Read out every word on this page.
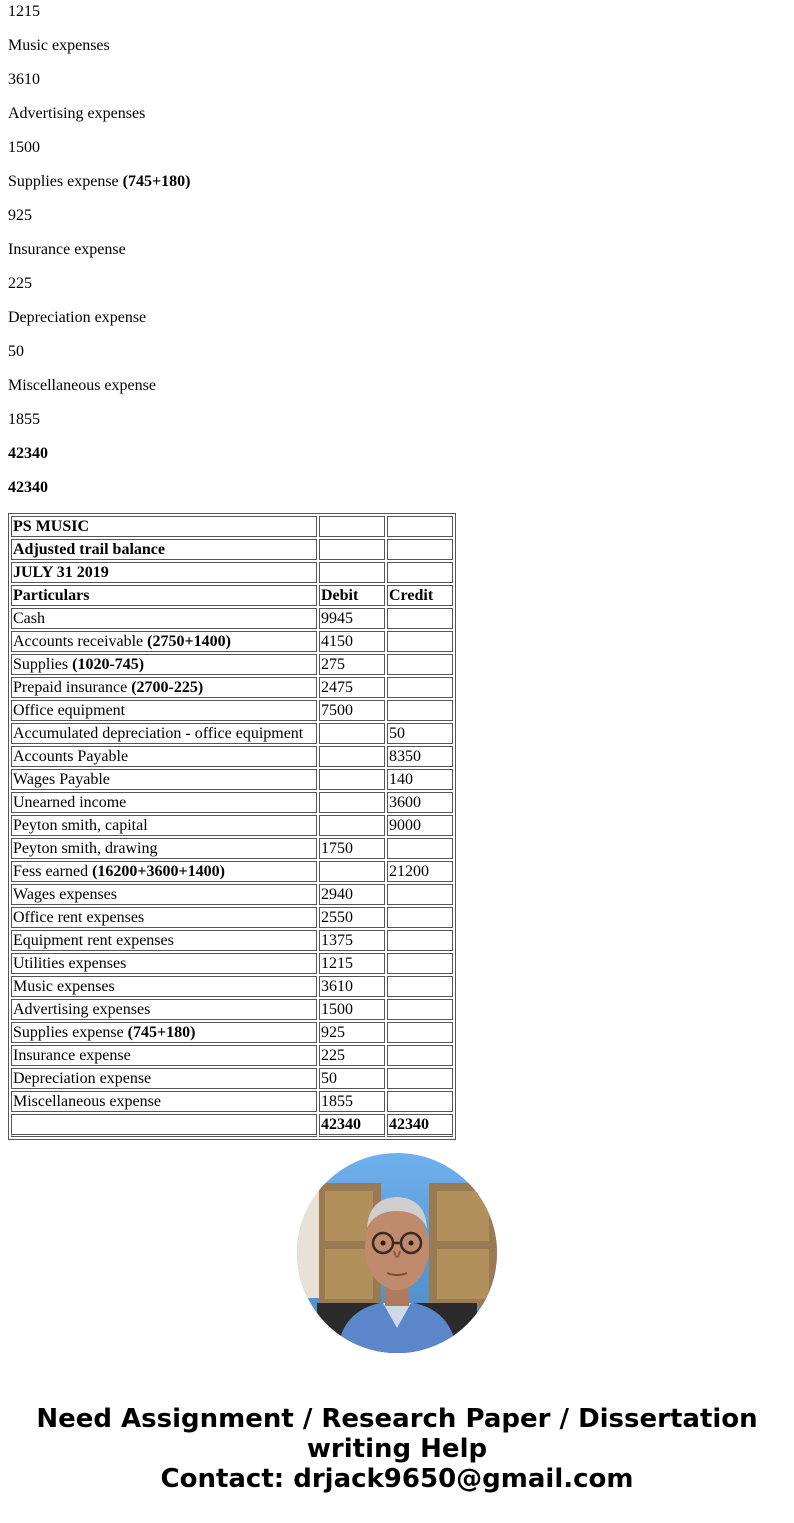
1215
Music expenses
3610
Advertising expenses
1500
Supplies expense (745+180)
925
Insurance expense
225
Depreciation expense
50
Miscellaneous expense
1855
42340
42340
PS MUSIC		
Adjusted trail balance		
JULY 31 2019		
Particulars	Debit	Credit
Cash	9945	
Accounts receivable (2750+1400)	4150	
Supplies (1020-745)	275	
Prepaid insurance (2700-225)	2475	
Office equipment	7500	
Accumulated depreciation - office equipment		50
Accounts Payable		8350
Wages Payable		140
Unearned income		3600
Peyton smith, capital		9000
Peyton smith, drawing	1750	
Fess earned (16200+3600+1400)		21200
Wages expenses	2940	
Office rent expenses	2550	
Equipment rent expenses	1375	
Utilities expenses	1215	
Music expenses	3610	
Advertising expenses	1500	
Supplies expense (745+180)	925	
Insurance expense	225	
Depreciation expense	50	
Miscellaneous expense	1855	
	42340	42340
Need Assignment / Research Paper / Dissertation
writing Help
Contact: drjack9650@gmail.com
